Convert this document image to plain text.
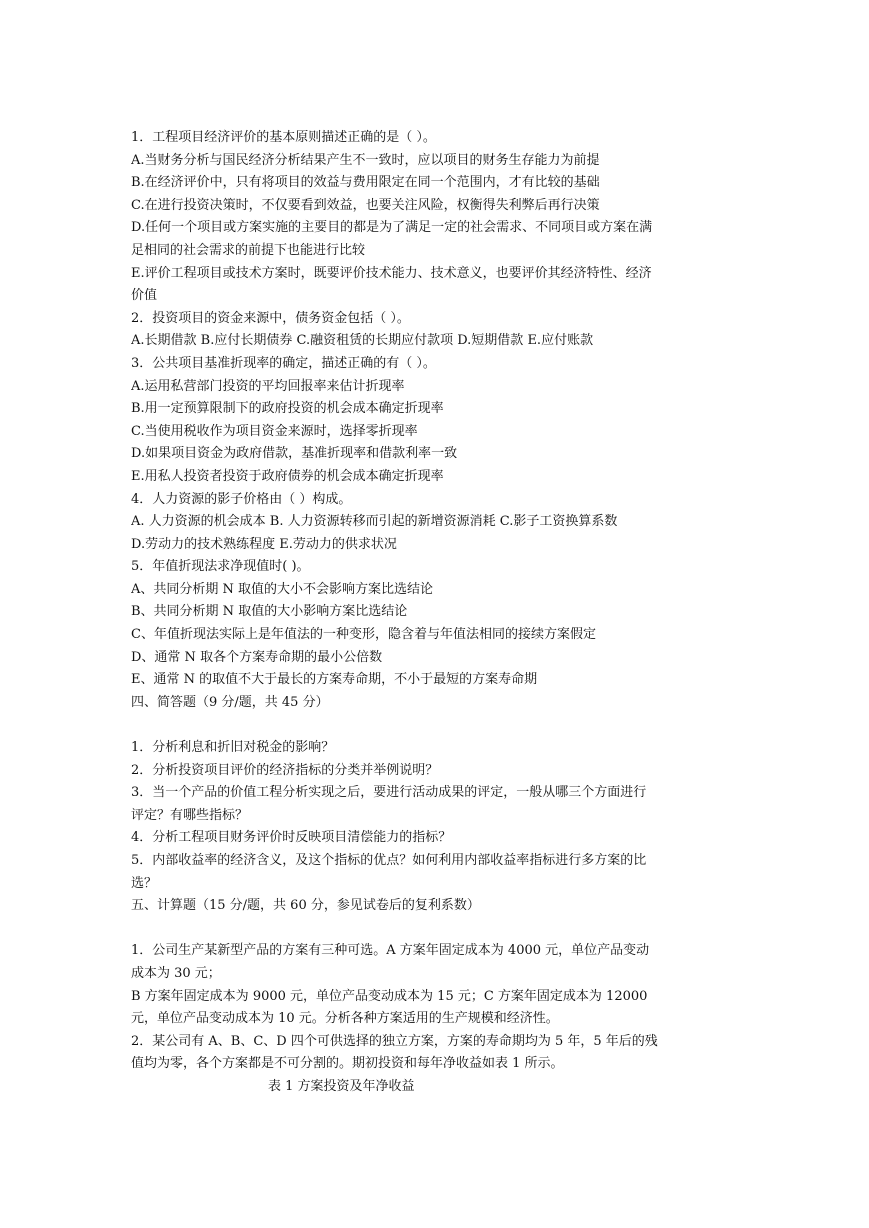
1．工程项目经济评价的基本原则描述正确的是（ ）。
A.当财务分析与国民经济分析结果产生不一致时，应以项目的财务生存能力为前提
B.在经济评价中，只有将项目的效益与费用限定在同一个范围内，才有比较的基础
C.在进行投资决策时，不仅要看到效益，也要关注风险，权衡得失利弊后再行决策
D.任何一个项目或方案实施的主要目的都是为了满足一定的社会需求、不同项目或方案在满
足相同的社会需求的前提下也能进行比较
E.评价工程项目或技术方案时，既要评价技术能力、技术意义，也要评价其经济特性、经济
价值
2．投资项目的资金来源中，债务资金包括（ ）。
A.长期借款 B.应付长期债券 C.融资租赁的长期应付款项 D.短期借款 E.应付账款
3．公共项目基准折现率的确定，描述正确的有（ ）。
A.运用私营部门投资的平均回报率来估计折现率
B.用一定预算限制下的政府投资的机会成本确定折现率
C.当使用税收作为项目资金来源时，选择零折现率
D.如果项目资金为政府借款，基准折现率和借款利率一致
E.用私人投资者投资于政府债券的机会成本确定折现率
4．人力资源的影子价格由（ ）构成。
A. 人力资源的机会成本 B. 人力资源转移而引起的新增资源消耗 C.影子工资换算系数
D.劳动力的技术熟练程度 E.劳动力的供求状况
5．年值折现法求净现值时( )。
A、共同分析期 N 取值的大小不会影响方案比选结论
B、共同分析期 N 取值的大小影响方案比选结论
C、年值折现法实际上是年值法的一种变形，隐含着与年值法相同的接续方案假定
D、通常 N 取各个方案寿命期的最小公倍数
E、通常 N 的取值不大于最长的方案寿命期，不小于最短的方案寿命期
四、简答题（9 分/题，共 45 分）
1．分析利息和折旧对税金的影响？
2．分析投资项目评价的经济指标的分类并举例说明？
3．当一个产品的价值工程分析实现之后，要进行活动成果的评定，一般从哪三个方面进行
评定？有哪些指标？
4．分析工程项目财务评价时反映项目清偿能力的指标？
5．内部收益率的经济含义，及这个指标的优点？如何利用内部收益率指标进行多方案的比
选？
五、计算题（15 分/题，共 60 分，参见试卷后的复利系数）
1．公司生产某新型产品的方案有三种可选。A 方案年固定成本为 4000 元，单位产品变动
成本为 30 元；
B 方案年固定成本为 9000 元，单位产品变动成本为 15 元；C 方案年固定成本为 12000
元，单位产品变动成本为 10 元。分析各种方案适用的生产规模和经济性。
2．某公司有 A、B、C、D 四个可供选择的独立方案，方案的寿命期均为 5 年，5 年后的残
值均为零，各个方案都是不可分割的。期初投资和每年净收益如表 1 所示。
表 1 方案投资及年净收益
